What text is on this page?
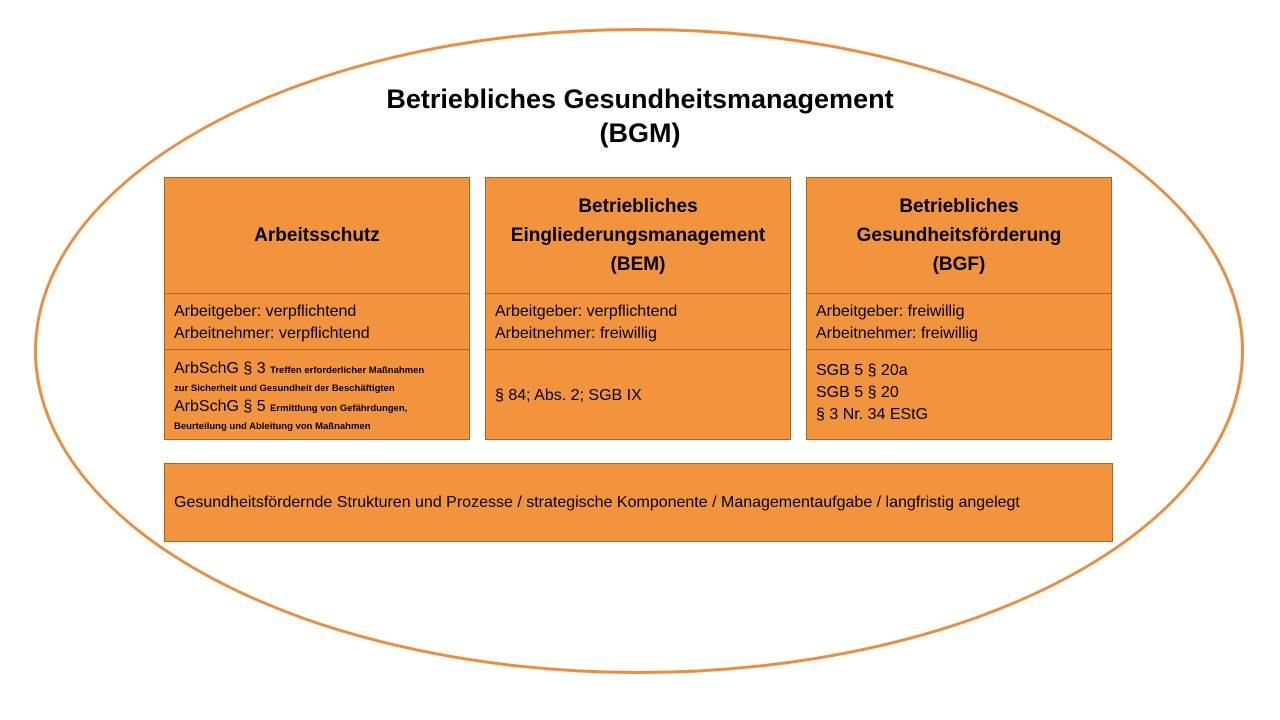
Betriebliches Gesundheitsmanagement
(BGM)
Arbeitsschutz
Arbeitgeber: verpflichtend
Arbeitnehmer: verpflichtend
ArbSchG § 3 Treffen erforderlicher Maßnahmen
zur Sicherheit und Gesundheit der Beschäftigten
ArbSchG § 5 Ermittlung von Gefährdungen,
Beurteilung und Ableitung von Maßnahmen
Betriebliches
Eingliederungsmanagement
(BEM)
Arbeitgeber: verpflichtend
Arbeitnehmer: freiwillig
§ 84; Abs. 2; SGB IX
Betriebliches
Gesundheitsförderung
(BGF)
Arbeitgeber: freiwillig
Arbeitnehmer: freiwillig
SGB 5 § 20a
SGB 5 § 20
§ 3 Nr. 34 EStG
Gesundheitsfördernde Strukturen und Prozesse / strategische Komponente / Managementaufgabe / langfristig angelegt
